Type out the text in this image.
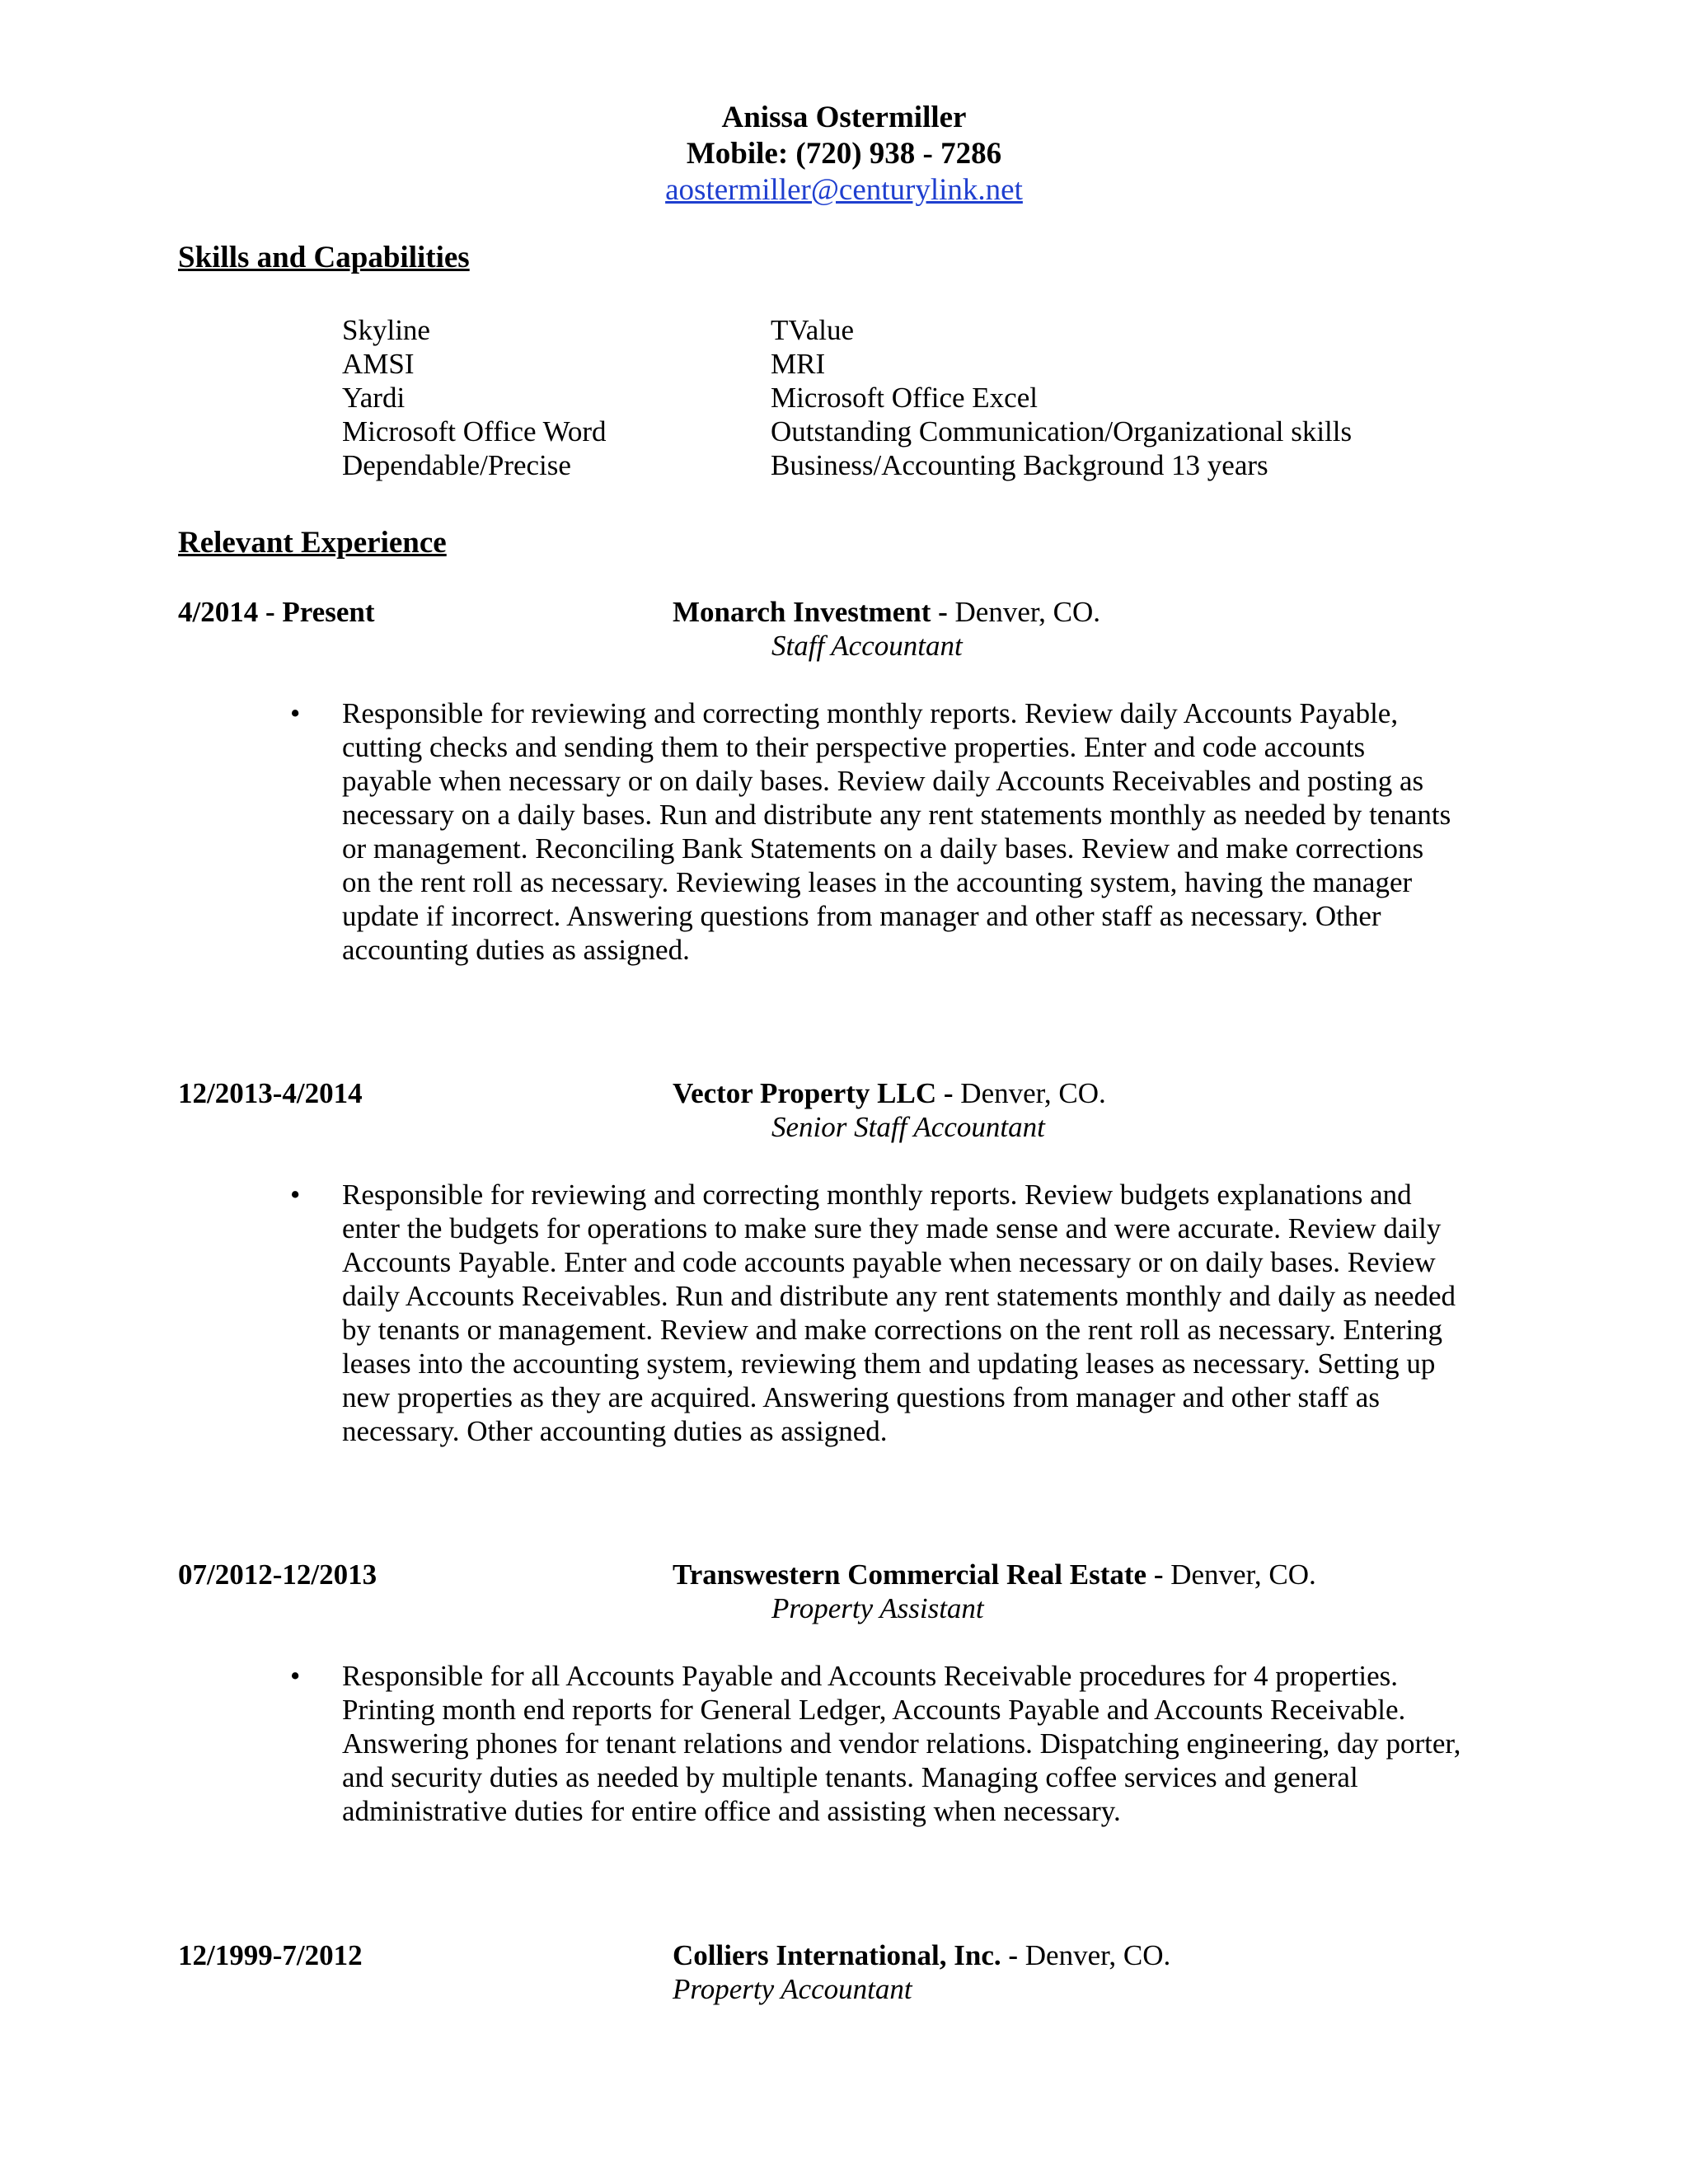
Anissa Ostermiller
Mobile: (720) 938 - 7286
aostermiller@centurylink.net
Skills and Capabilities
Skyline	TValue
AMSI	MRI
Yardi	Microsoft Office Excel
Microsoft Office Word	Outstanding Communication/Organizational skills
Dependable/Precise	Business/Accounting Background 13 years
Relevant Experience
4/2014 - Present	Monarch Investment - Denver, CO.
Staff Accountant
• Responsible for reviewing and correcting monthly reports. Review daily Accounts Payable,
cutting checks and sending them to their perspective properties. Enter and code accounts
payable when necessary or on daily bases. Review daily Accounts Receivables and posting as
necessary on a daily bases. Run and distribute any rent statements monthly as needed by tenants
or management. Reconciling Bank Statements on a daily bases. Review and make corrections
on the rent roll as necessary. Reviewing leases in the accounting system, having the manager
update if incorrect. Answering questions from manager and other staff as necessary. Other
accounting duties as assigned.
12/2013-4/2014	Vector Property LLC - Denver, CO.
Senior Staff Accountant
• Responsible for reviewing and correcting monthly reports. Review budgets explanations and
enter the budgets for operations to make sure they made sense and were accurate. Review daily
Accounts Payable. Enter and code accounts payable when necessary or on daily bases. Review
daily Accounts Receivables. Run and distribute any rent statements monthly and daily as needed
by tenants or management. Review and make corrections on the rent roll as necessary. Entering
leases into the accounting system, reviewing them and updating leases as necessary. Setting up
new properties as they are acquired. Answering questions from manager and other staff as
necessary. Other accounting duties as assigned.
07/2012-12/2013	Transwestern Commercial Real Estate - Denver, CO.
Property Assistant
• Responsible for all Accounts Payable and Accounts Receivable procedures for 4 properties.
Printing month end reports for General Ledger, Accounts Payable and Accounts Receivable.
Answering phones for tenant relations and vendor relations. Dispatching engineering, day porter,
and security duties as needed by multiple tenants. Managing coffee services and general
administrative duties for entire office and assisting when necessary.
12/1999-7/2012	Colliers International, Inc. - Denver, CO.
Property Accountant
